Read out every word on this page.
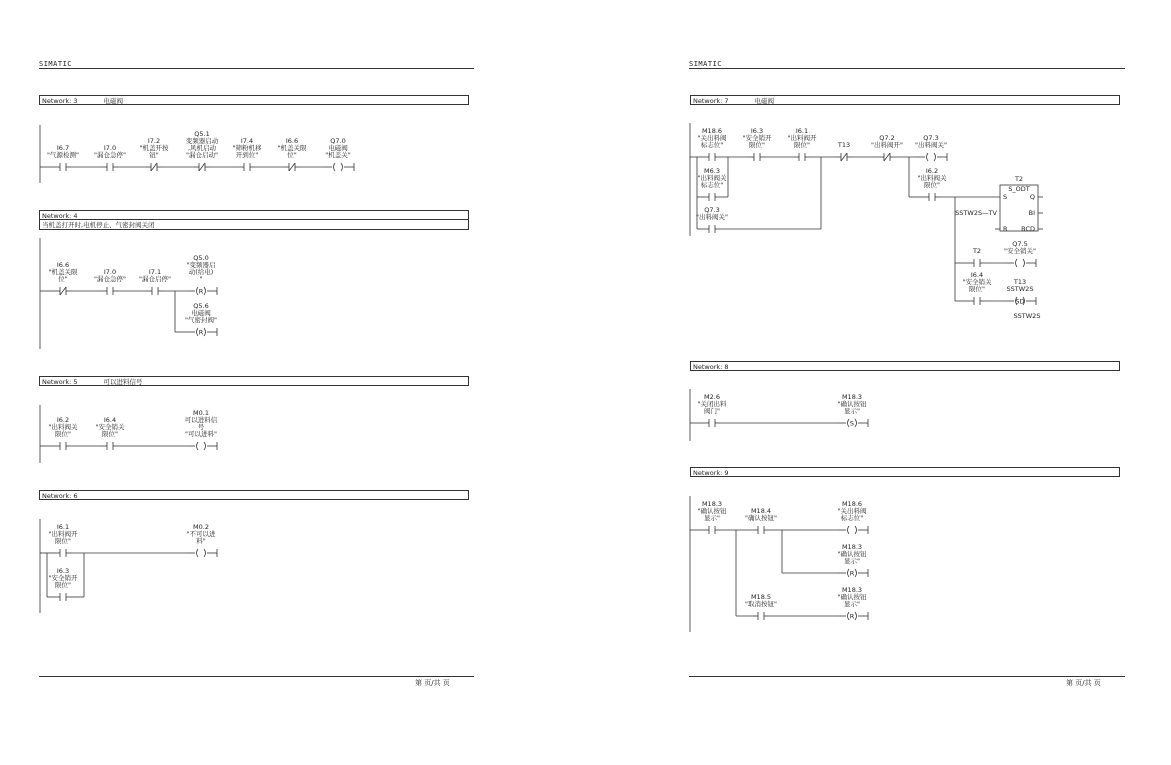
SIMATIC
Network: 3	电磁阀
Network: 4
当机盖打开时,电机停止、气密封阀关闭
Network: 5	可以进料信号
Network: 6
第 页/共 页
SIMATIC
Network: 7	电磁阀
Network: 8
Network: 9
第 页/共 页
I6.7
"气源检测"
I7.0
"漏仓急停"
I7.2
"机盖开按
钮"
Q5.1
变频器启动
,风机启动
"漏仓启动"
I7.4
"筛粉机移
开到位"
I6.6
"机盖关限
位"
Q7.0
电磁阀
"机盖关"
I6.6
"机盖关限
位"
I7.0
"漏仓急停"
I7.1
"漏仓启停"
R
Q5.0
"变频器启
动(给电)
"
R
Q5.6
电磁阀
"气密封阀"
I6.2
"出料阀关
限位"
I6.4
"安全销关
限位"
M0.1
可以进料信
号
"可以进料"
I6.1
"出料阀开
限位"
M0.2
"不可以进
料"
I6.3
"安全销开
限位"
M18.6
"关出料阀
标志位"
I6.3
"安全销开
限位"
I6.1
"出料阀开
限位"	T13
Q7.2
"出料阀开"
Q7.3
"出料阀关"
M6.3
"出料阀关
标志位"
Q7.3
"出料阀关"
I6.2
"出料阀关
限位"
T2
S_ODT
S	Q
SSTW2S—TV	BI
R BCD
T2
Q7.5
"安全销关"
I6.4
"安全销关
限位"
SD
T13
SSTW2S
SSTW2S
M2.6
"关闭出料
阀门"
S
M18.3
"确认按钮
显示"
M18.3
"确认按钮
显示"
M18.4
"确认按钮"
M18.6
"关出料阀
标志位"
R
M18.3
"确认按钮
显示"
M18.5
"取消按钮"
R
M18.3
"确认按钮
显示"
